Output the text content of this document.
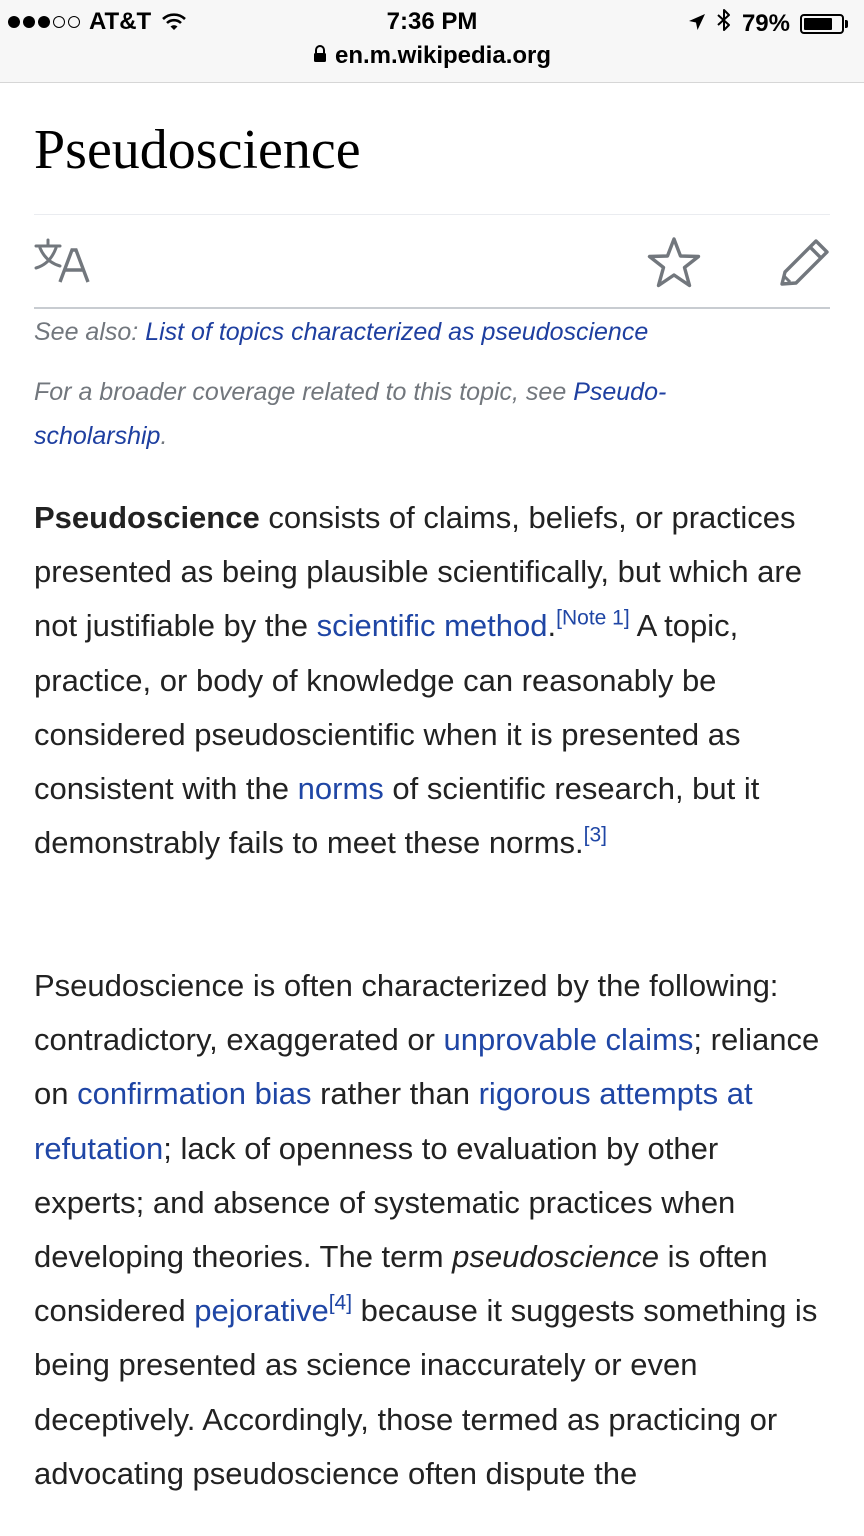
AT&T	7:36 PM
en.m.wikipedia.org
79%
Pseudoscience

See also: List of topics characterized as pseudoscience

For a broader coverage related to this topic, see Pseudo-scholarship.

Pseudoscience consists of claims, beliefs, or practices presented as being plausible scientifically, but which are not justifiable by the scientific method.[Note 1] A topic, practice, or body of knowledge can reasonably be considered pseudoscientific when it is presented as consistent with the norms of scientific research, but it demonstrably fails to meet these norms.[3]

Pseudoscience is often characterized by the following: contradictory, exaggerated or unprovable claims; reliance on confirmation bias rather than rigorous attempts at refutation; lack of openness to evaluation by other experts; and absence of systematic practices when developing theories. The term pseudoscience is often considered pejorative[4] because it suggests something is being presented as science inaccurately or even deceptively. Accordingly, those termed as practicing or advocating pseudoscience often dispute the
